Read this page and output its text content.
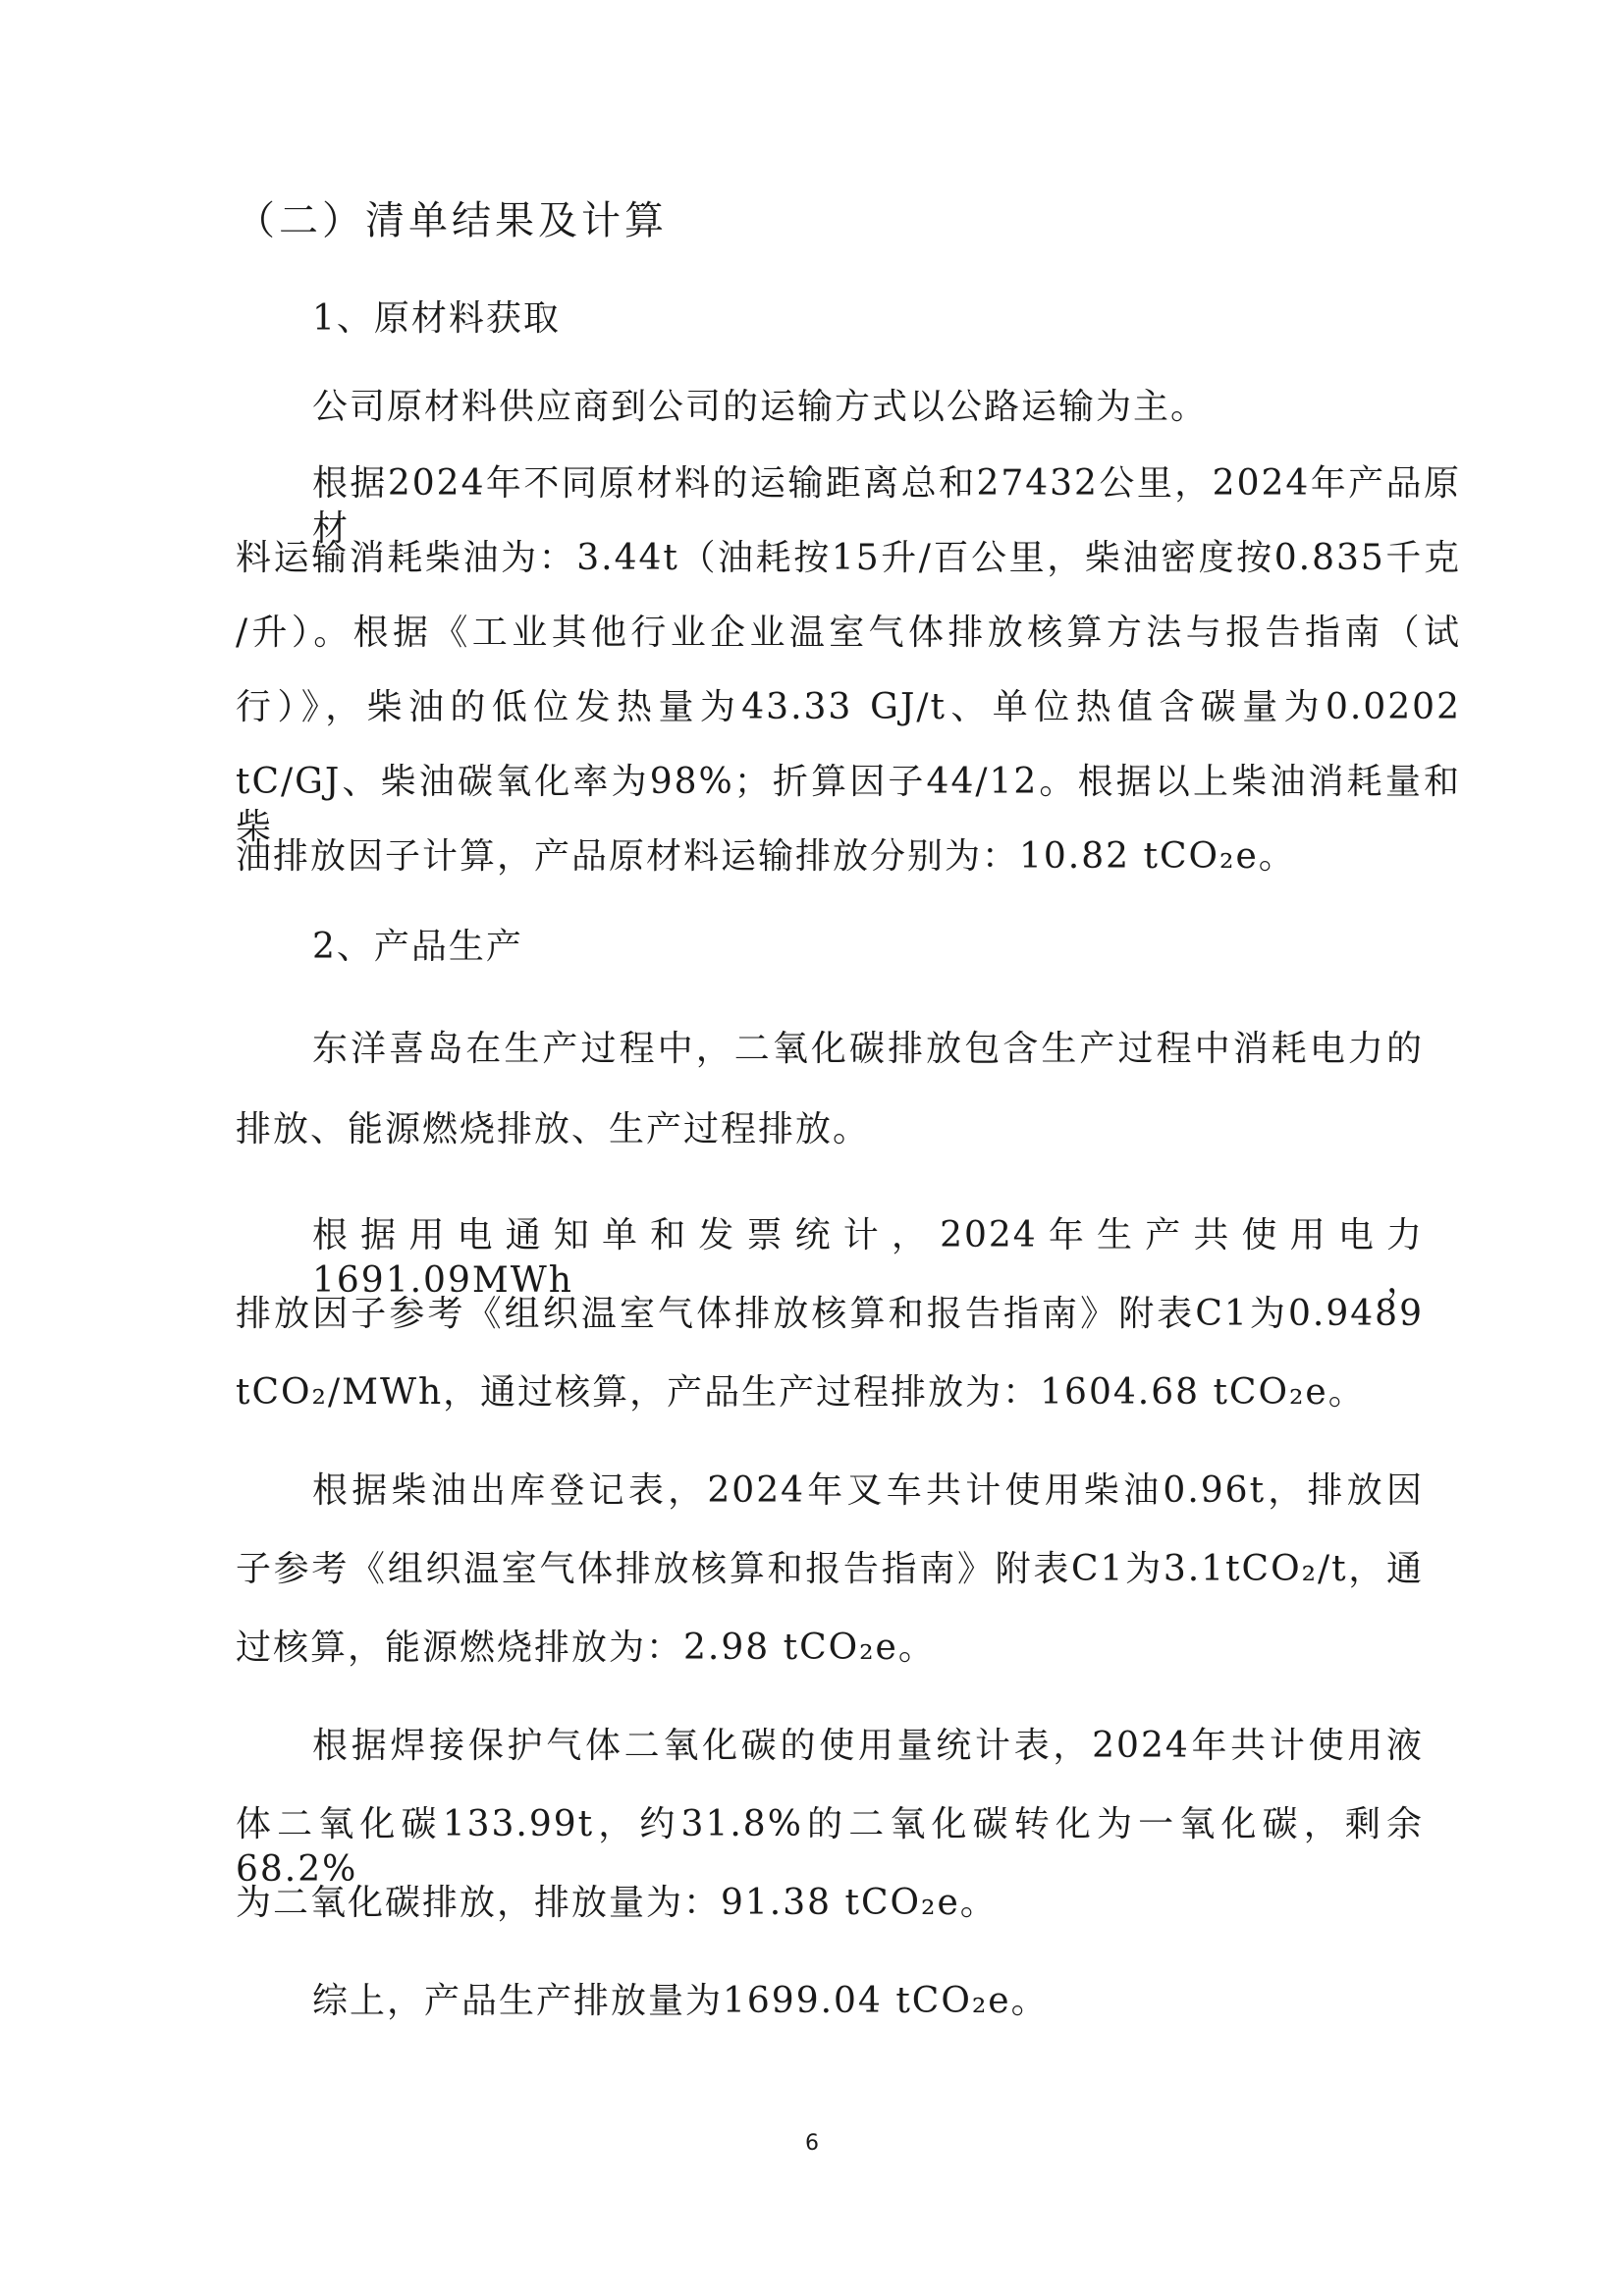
（二）清单结果及计算
1、原材料获取
公司原材料供应商到公司的运输方式以公路运输为主。
根据2024年不同原材料的运输距离总和27432公里，2024年产品原材
料运输消耗柴油为：3.44t（油耗按15升/百公里，柴油密度按0.835千克
/升）。根据《工业其他行业企业温室气体排放核算方法与报告指南（试
行）》，柴油的低位发热量为43.33 GJ/t、单位热值含碳量为0.0202
tC/GJ、柴油碳氧化率为98%；折算因子44/12。根据以上柴油消耗量和柴
油排放因子计算，产品原材料运输排放分别为：10.82 tCO₂e。
2、产品生产
东洋喜岛在生产过程中，二氧化碳排放包含生产过程中消耗电力的
排放、能源燃烧排放、生产过程排放。
根据用电通知单和发票统计，2024年生产共使用电力1691.09MWh，
排放因子参考《组织温室气体排放核算和报告指南》附表C1为0.9489
tCO₂/MWh，通过核算，产品生产过程排放为：1604.68 tCO₂e。
根据柴油出库登记表，2024年叉车共计使用柴油0.96t，排放因
子参考《组织温室气体排放核算和报告指南》附表C1为3.1tCO₂/t，通
过核算，能源燃烧排放为：2.98 tCO₂e。
根据焊接保护气体二氧化碳的使用量统计表，2024年共计使用液
体二氧化碳133.99t，约31.8%的二氧化碳转化为一氧化碳，剩余68.2%
为二氧化碳排放，排放量为：91.38 tCO₂e。
综上，产品生产排放量为1699.04 tCO₂e。
6
